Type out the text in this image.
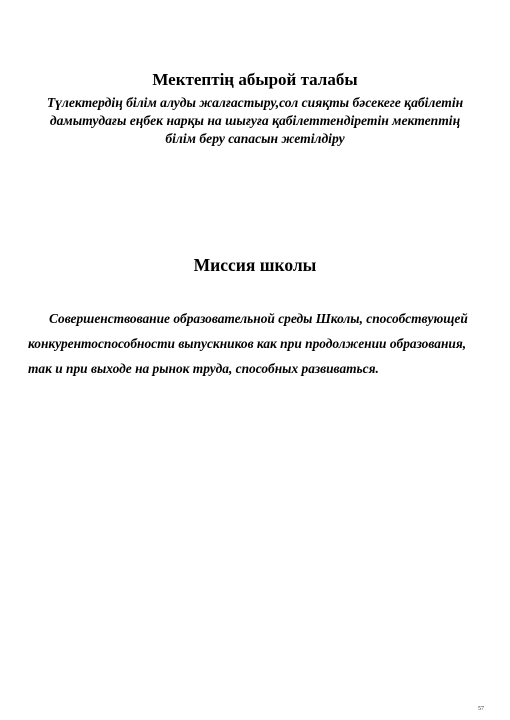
Мектептің абырой талабы
Түлектердің білім алуды жалғастыру,сол сияқты бәсекеге қабілетін дамытудағы еңбек нарқы на шығуға қабілеттендіретін мектептің білім беру сапасын жетілдіру
Миссия школы
Совершенствование образовательной среды Школы, способствующей
конкурентоспособности выпускников как при продолжении образования,
так и при выходе на рынок труда, способных развиваться.
57
